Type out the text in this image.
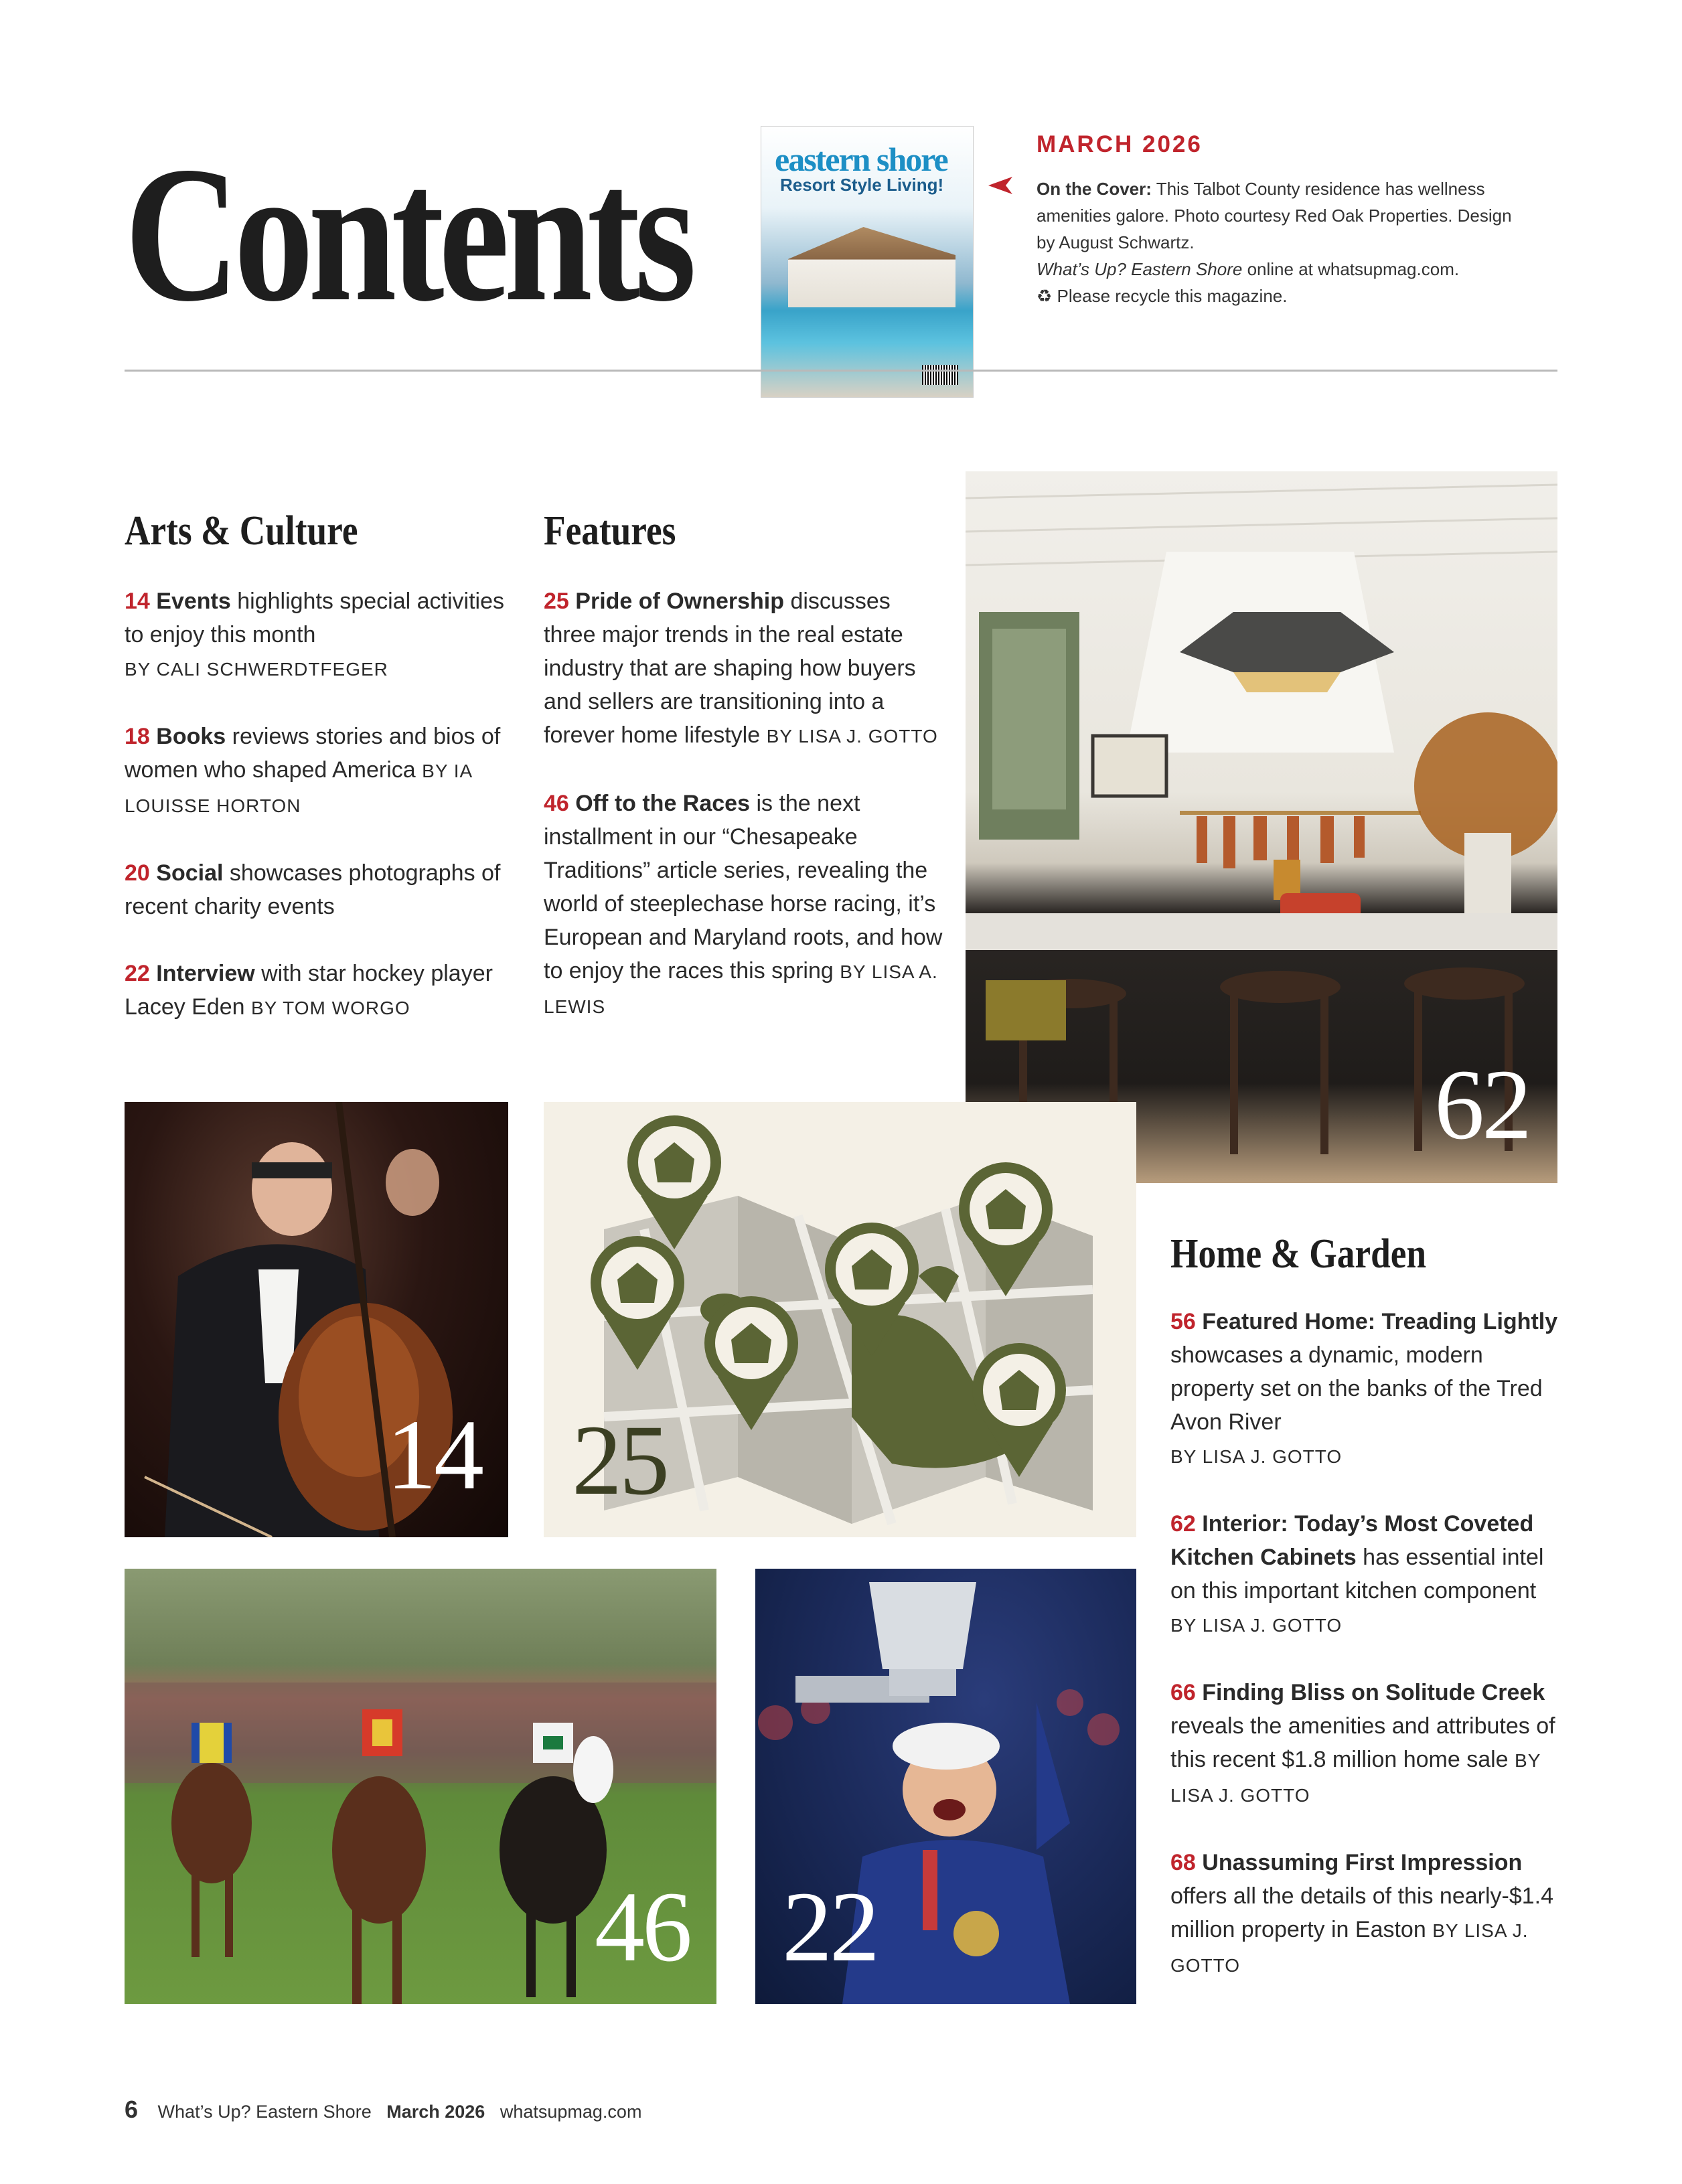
Contents eastern shore
Resort Style Living!
MARCH 2026

On the Cover: This Talbot County residence has wellness amenities galore. Photo courtesy Red Oak Properties. Design by August Schwartz.

What’s Up? Eastern Shore online at whatsupmag.com.

♻ Please recycle this magazine.

Arts & Culture
14 Events highlights special activities to enjoy this month
BY CALI SCHWERDTFEGER
18 Books reviews stories and bios of women who shaped America BY IA LOUISSE HORTON
20 Social showcases photographs of recent charity events
22 Interview with star hockey player Lacey Eden BY TOM WORGO
Features
25 Pride of Ownership discusses three major trends in the real estate industry that are shaping how buyers and sellers are transitioning into a forever home lifestyle BY LISA J. GOTTO
46 Off to the Races is the next installment in our “Chesapeake Traditions” article series, revealing the world of steeplechase horse racing, it’s European and Maryland roots, and how to enjoy the races this spring BY LISA A. LEWIS
62
14 25
Home & Garden
56 Featured Home: Treading Lightly showcases a dynamic, modern property set on the banks of the Tred Avon River
BY LISA J. GOTTO
62 Interior: Today’s Most Coveted Kitchen Cabinets has essential intel on this important kitchen component BY LISA J. GOTTO
66 Finding Bliss on Solitude Creek reveals the amenities and attributes of this recent $1.8 million home sale BY LISA J. GOTTO
68 Unassuming First Impression offers all the details of this nearly-$1.4 million property in Easton BY LISA J. GOTTO
46 22
6 What’s Up? Eastern Shore March 2026 whatsupmag.com
